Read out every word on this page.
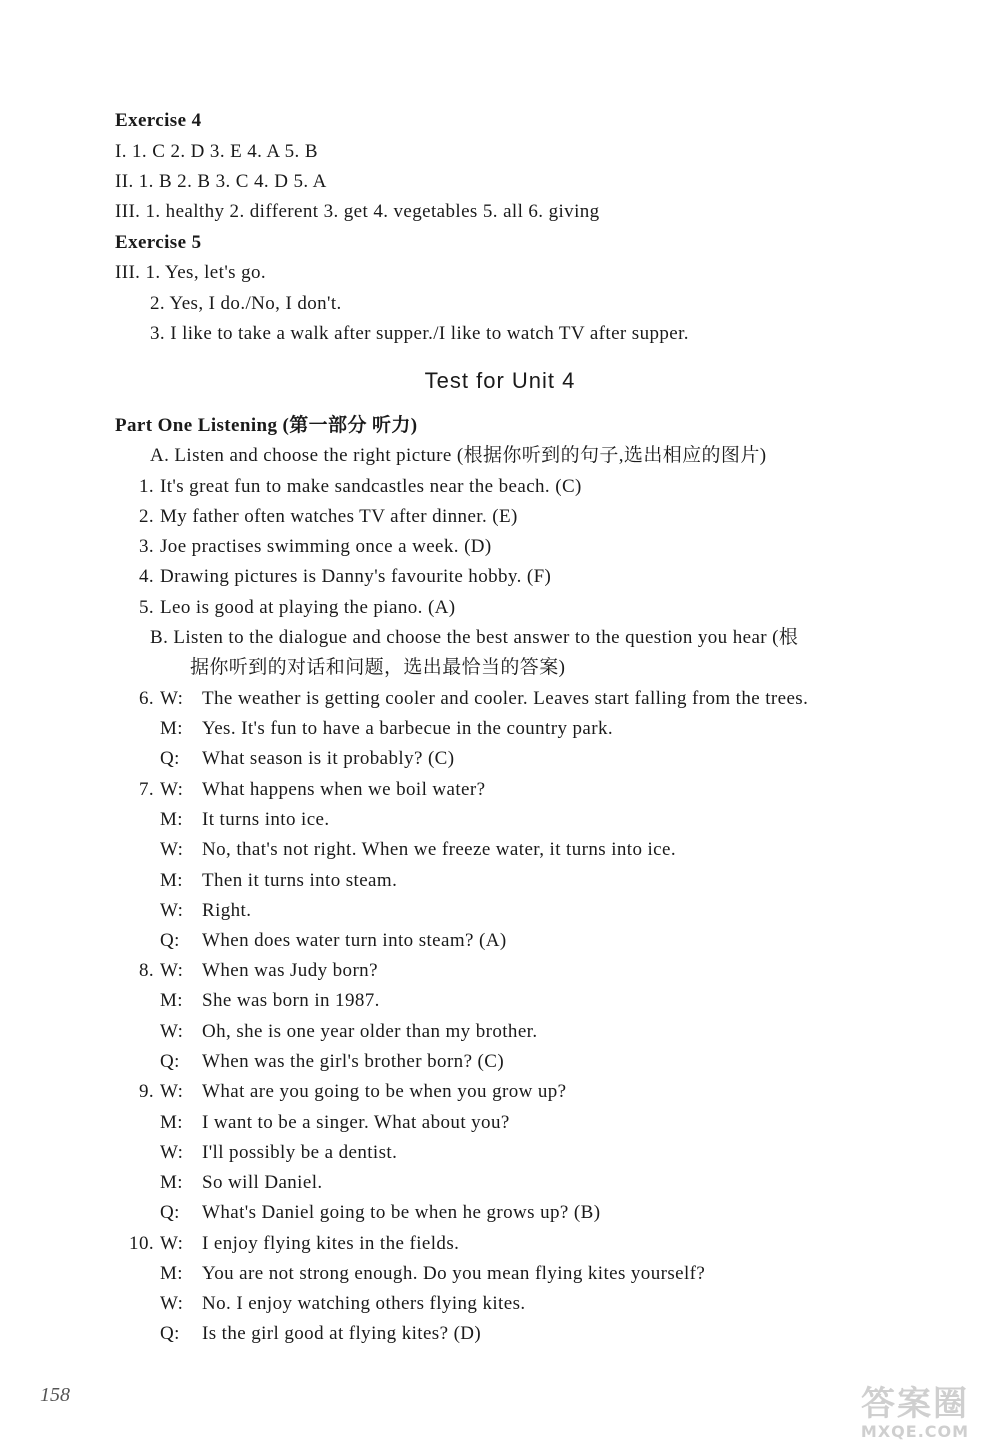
Exercise 4
I. 1. C 2. D 3. E 4. A 5. B
II. 1. B 2. B 3. C 4. D 5. A
III. 1. healthy 2. different 3. get 4. vegetables 5. all 6. giving
Exercise 5
III. 1. Yes, let's go.
2. Yes, I do./No, I don't.
3. I like to take a walk after supper./I like to watch TV after supper.
Test for Unit 4
Part One Listening (第一部分 听力)
A. Listen and choose the right picture (根据你听到的句子,选出相应的图片)
1. It's great fun to make sandcastles near the beach. (C)
2. My father often watches TV after dinner. (E)
3. Joe practises swimming once a week. (D)
4. Drawing pictures is Danny's favourite hobby. (F)
5. Leo is good at playing the piano. (A)
B. Listen to the dialogue and choose the best answer to the question you hear (根
据你听到的对话和问题，选出最恰当的答案)
6. W: The weather is getting cooler and cooler. Leaves start falling from the trees.
M: Yes. It's fun to have a barbecue in the country park.
Q: What season is it probably? (C)
7. W: What happens when we boil water?
M: It turns into ice.
W: No, that's not right. When we freeze water, it turns into ice.
M: Then it turns into steam.
W: Right.
Q: When does water turn into steam? (A)
8. W: When was Judy born?
M: She was born in 1987.
W: Oh, she is one year older than my brother.
Q: When was the girl's brother born? (C)
9. W: What are you going to be when you grow up?
M: I want to be a singer. What about you?
W: I'll possibly be a dentist.
M: So will Daniel.
Q: What's Daniel going to be when he grows up? (B)
10. W: I enjoy flying kites in the fields.
M: You are not strong enough. Do you mean flying kites yourself?
W: No. I enjoy watching others flying kites.
Q: Is the girl good at flying kites? (D)
158	答案圈
MXQE.COM
